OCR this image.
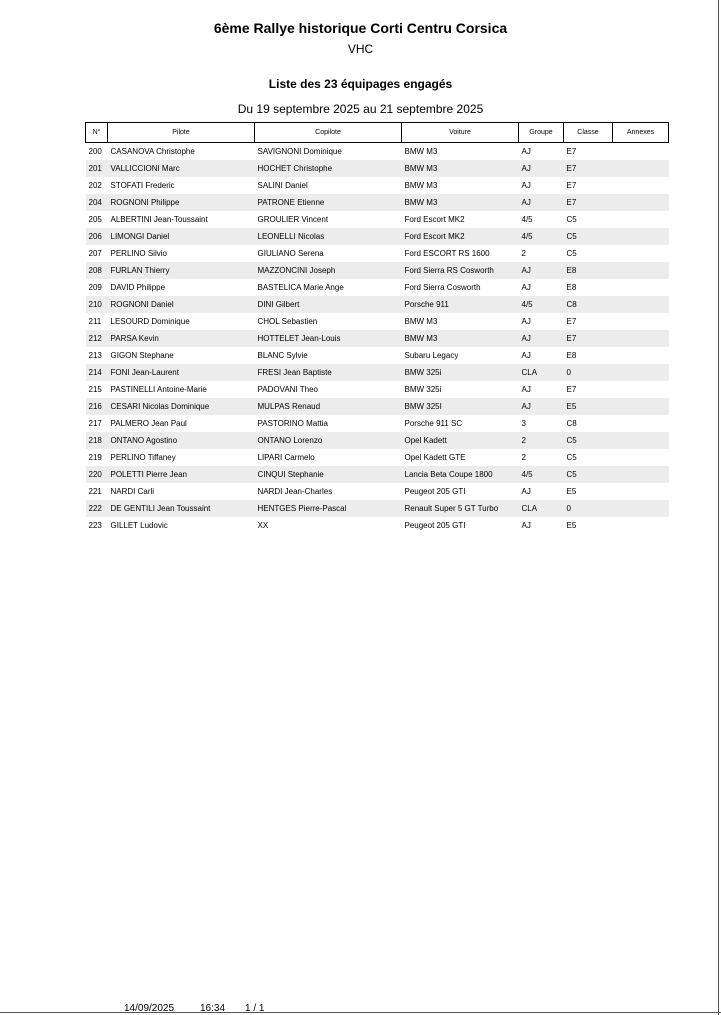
6ème Rallye historique Corti Centru Corsica
VHC
Liste des 23 équipages engagés
Du 19 septembre 2025 au 21 septembre 2025
N°	Pilote	Copilote	Voiture	Groupe	Classe	Annexes
200	CASANOVA Christophe	SAVIGNONI Dominique	BMW M3	AJ	E7	
201	VALLICCIONI Marc	HOCHET Christophe	BMW M3	AJ	E7	
202	STOFATI Frederic	SALINI Daniel	BMW M3	AJ	E7	
204	ROGNONI Philippe	PATRONE Etienne	BMW M3	AJ	E7	
205	ALBERTINI Jean-Toussaint	GROULIER Vincent	Ford Escort MK2	4/5	C5	
206	LIMONGI Daniel	LEONELLI Nicolas	Ford Escort MK2	4/5	C5	
207	PERLINO Silvio	GIULIANO Serena	Ford ESCORT RS 1600	2	C5	
208	FURLAN Thierry	MAZZONCINI Joseph	Ford Sierra RS Cosworth	AJ	E8	
209	DAVID Philippe	BASTELICA Marie Ange	Ford Sierra Cosworth	AJ	E8	
210	ROGNONI Daniel	DINI Gilbert	Porsche 911	4/5	C8	
211	LESOURD Dominique	CHOL Sebastien	BMW M3	AJ	E7	
212	PARSA Kevin	HOTTELET Jean-Louis	BMW M3	AJ	E7	
213	GIGON Stephane	BLANC Sylvie	Subaru Legacy	AJ	E8	
214	FONI Jean-Laurent	FRESI Jean Baptiste	BMW 325i	CLA	0	
215	PASTINELLI Antoine-Marie	PADOVANI Theo	BMW 325i	AJ	E7	
216	CESARI Nicolas Dominique	MULPAS Renaud	BMW 325I	AJ	E5	
217	PALMERO Jean Paul	PASTORINO Mattia	Porsche 911 SC	3	C8	
218	ONTANO Agostino	ONTANO Lorenzo	Opel Kadett	2	C5	
219	PERLINO Tiffaney	LIPARI Carmelo	Opel Kadett GTE	2	C5	
220	POLETTI Pierre Jean	CINQUI Stephanie	Lancia Beta Coupe 1800	4/5	C5	
221	NARDI Carli	NARDI Jean-Charles	Peugeot 205 GTI	AJ	E5	
222	DE GENTILI Jean Toussaint	HENTGES Pierre-Pascal	Renault Super 5 GT Turbo	CLA	0	
223	GILLET Ludovic	XX	Peugeot 205 GTI	AJ	E5	
14/09/2025	16:34 1 / 1
